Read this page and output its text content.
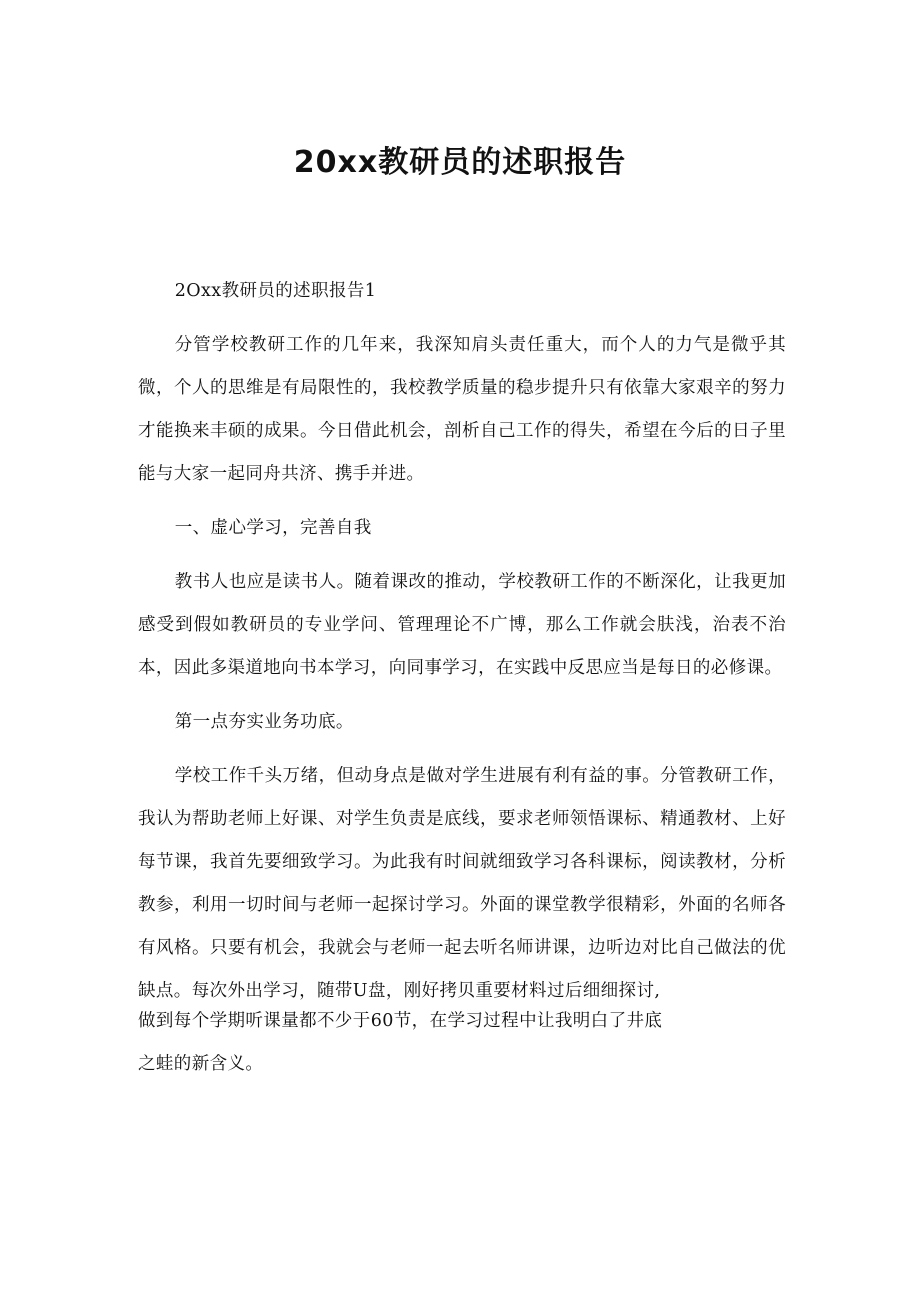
20xx教研员的述职报告

2Oxx教研员的述职报告1

分管学校教研工作的几年来，我深知肩头责任重大，而个人的力气是微乎其微，个人的思维是有局限性的，我校教学质量的稳步提升只有依靠大家艰辛的努力才能换来丰硕的成果。今日借此机会，剖析自己工作的得失，希望在今后的日子里能与大家一起同舟共济、携手并进。

一、虚心学习，完善自我

教书人也应是读书人。随着课改的推动，学校教研工作的不断深化，让我更加感受到假如教研员的专业学问、管理理论不广博，那么工作就会肤浅，治表不治本，因此多渠道地向书本学习，向同事学习，在实践中反思应当是每日的必修课。

第一点夯实业务功底。

学校工作千头万绪，但动身点是做对学生进展有利有益的事。分管教研工作，我认为帮助老师上好课、对学生负责是底线，要求老师领悟课标、精通教材、上好每节课，我首先要细致学习。为此我有时间就细致学习各科课标，阅读教材，分析教参，利用一切时间与老师一起探讨学习。外面的课堂教学很精彩，外面的名师各有风格。只要有机会，我就会与老师一起去听名师讲课，边听边对比自己做法的优缺点。每次外出学习，随带U盘，刚好拷贝重要材料过后细细探讨,

做到每个学期听课量都不少于60节，在学习过程中让我明白了井底

之蛙的新含义。
